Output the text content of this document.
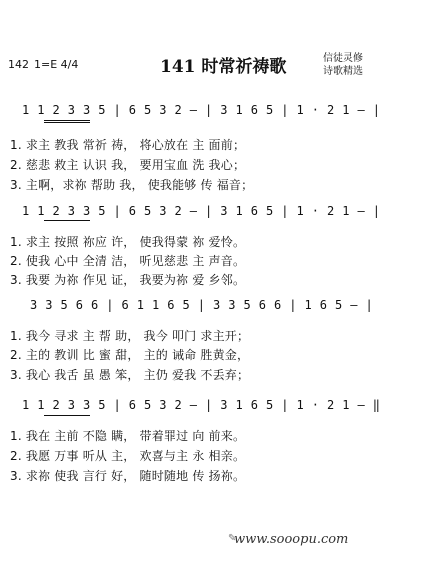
142 1=E 4/4	141 时常祈祷歌	信徒灵修
诗歌精选
1 1 2 3 3 5 | 6 5 3 2 — | 3 1 6 5 | 1 · 2 1 — |
1. 求主 教我 常祈 祷， 将心放在 主 面前；
2. 慈悲 救主 认识 我， 要用宝血 洗 我心；
3. 主啊，求祢 帮助 我， 使我能够 传 福音；
1 1 2 3 3 5 | 6 5 3 2 — | 3 1 6 5 | 1 · 2 1 — |
1. 求主 按照 祢应 许， 使我得蒙 祢 爱怜。
2. 使我 心中 全清 洁， 听见慈悲 主 声音。
3. 我要 为祢 作见 证， 我要为祢 爱 乡邻。
3 3 5 6 6 | 6 1 1 6 5 | 3 3 5 6 6 | 1 6 5 — |
1. 我今 寻求 主 帮 助， 我今 叩门 求主开；
2. 主的 教训 比 蜜 甜， 主的 诫命 胜黄金，
3. 我心 我舌 虽 愚 笨， 主仍 爱我 不丢弃；
1 1 2 3 3 5 | 6 5 3 2 — | 3 1 6 5 | 1 · 2 1 — ‖
1. 我在 主前 不隐 瞒， 带着罪过 向 前来。
2. 我愿 万事 听从 主， 欢喜与主 永 相亲。
3. 求祢 使我 言行 好， 随时随地 传 扬祢。
✎
www.sooopu.com
